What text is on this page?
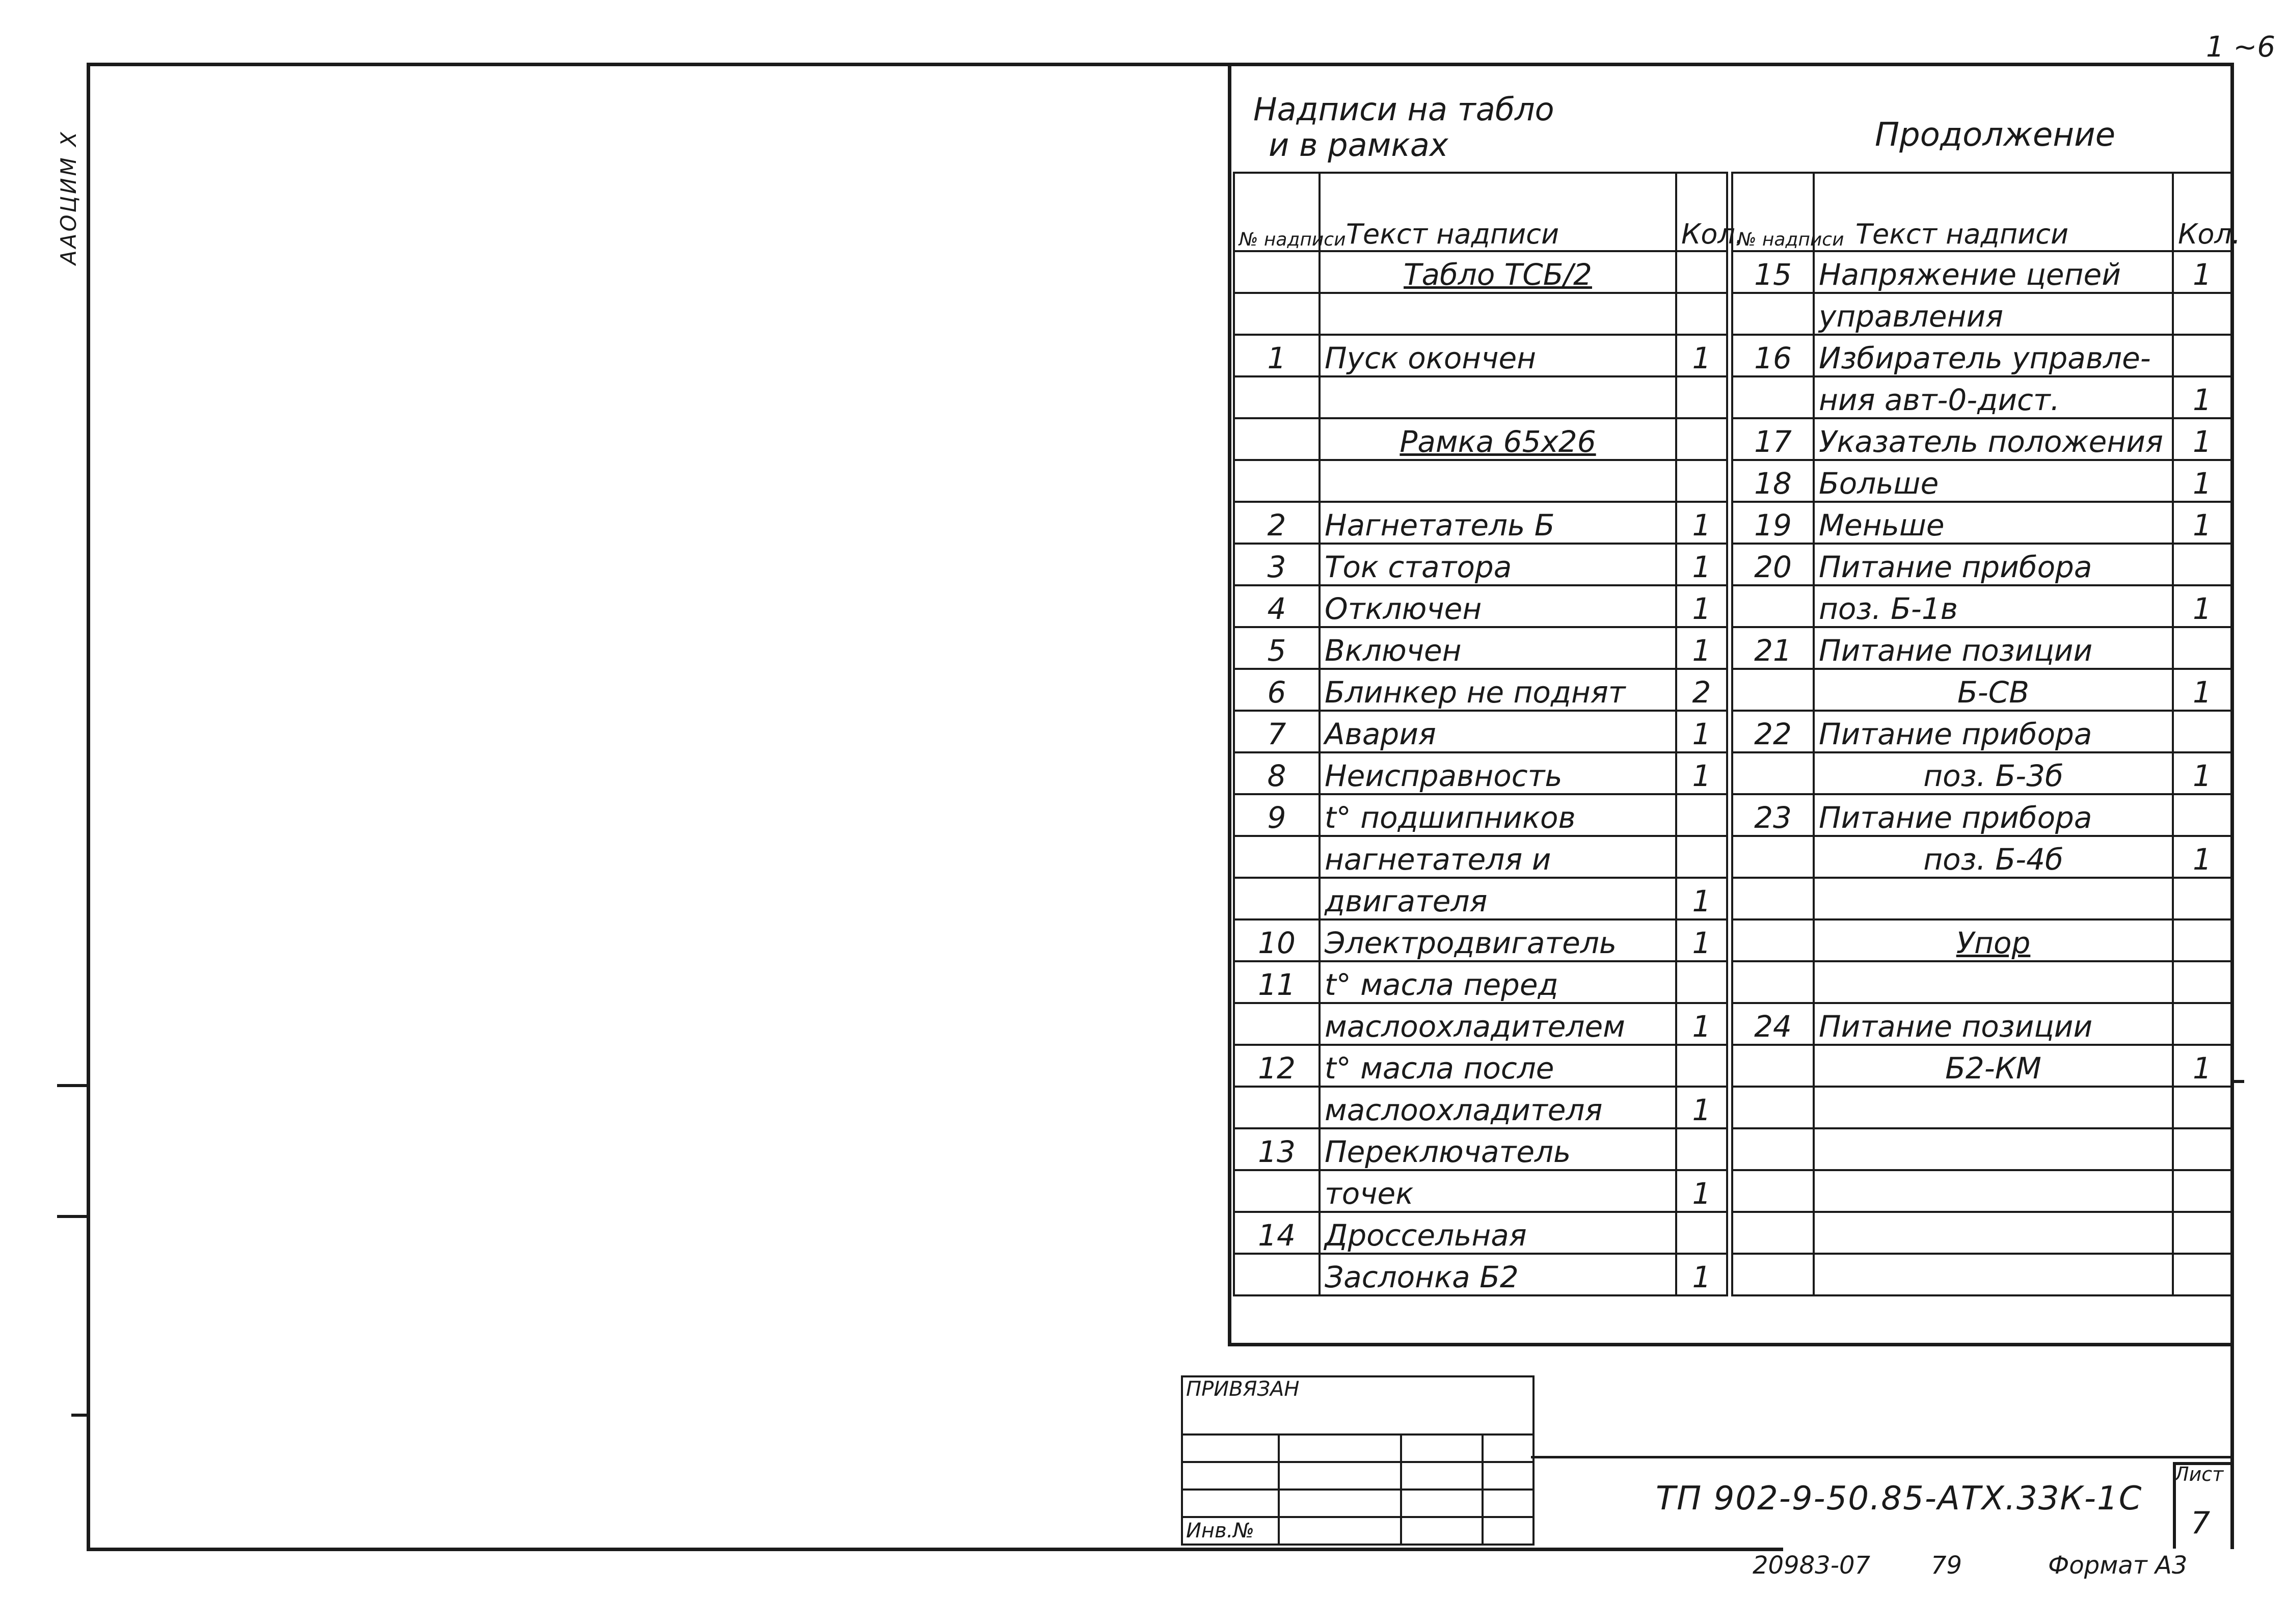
ААОЦИМ Х
1 ~6
Надписи на табло
и в рамках	Продолжение
№ надписи	Текст надписи	Кол.
	Табло ТСБ/2	

1	Пуск окончен	1

	Рамка 65х26	

2	Нагнетатель Б	1
3	Ток статора	1
4	Отключен	1
5	Включен	1
6	Блинкер не поднят	2
7	Авария	1
8	Неисправность	1
9	t° подшипников	
	нагнетателя и	
	двигателя	1
10	Электродвигатель	1
11	t° масла перед	
	маслоохладителем	1
12	t° масла после	
	маслоохладителя	1
13	Переключатель	
	точек	1
14	Дроссельная	
	Заслонка Б2	1
№ надписи	Текст надписи	Кол.
15	Напряжение цепей	1
	управления	
16	Избиратель управле-	
	ния авт-0-дист.	1
17	Указатель положения	1
18	Больше	1
19	Меньше	1
20	Питание прибора	
	поз. Б-1в	1
21	Питание позиции	
	Б-СВ	1
22	Питание прибора	
	поз. Б-3б	1
23	Питание прибора	
	поз. Б-4б	1

	Упор	

24	Питание позиции	
	Б2-КМ	1

ПРИВЯЗАН			

Инв.№			
ТП 902-9-50.85-АТХ.33К-1С
Лист
7
20983-07 79	Формат А3
